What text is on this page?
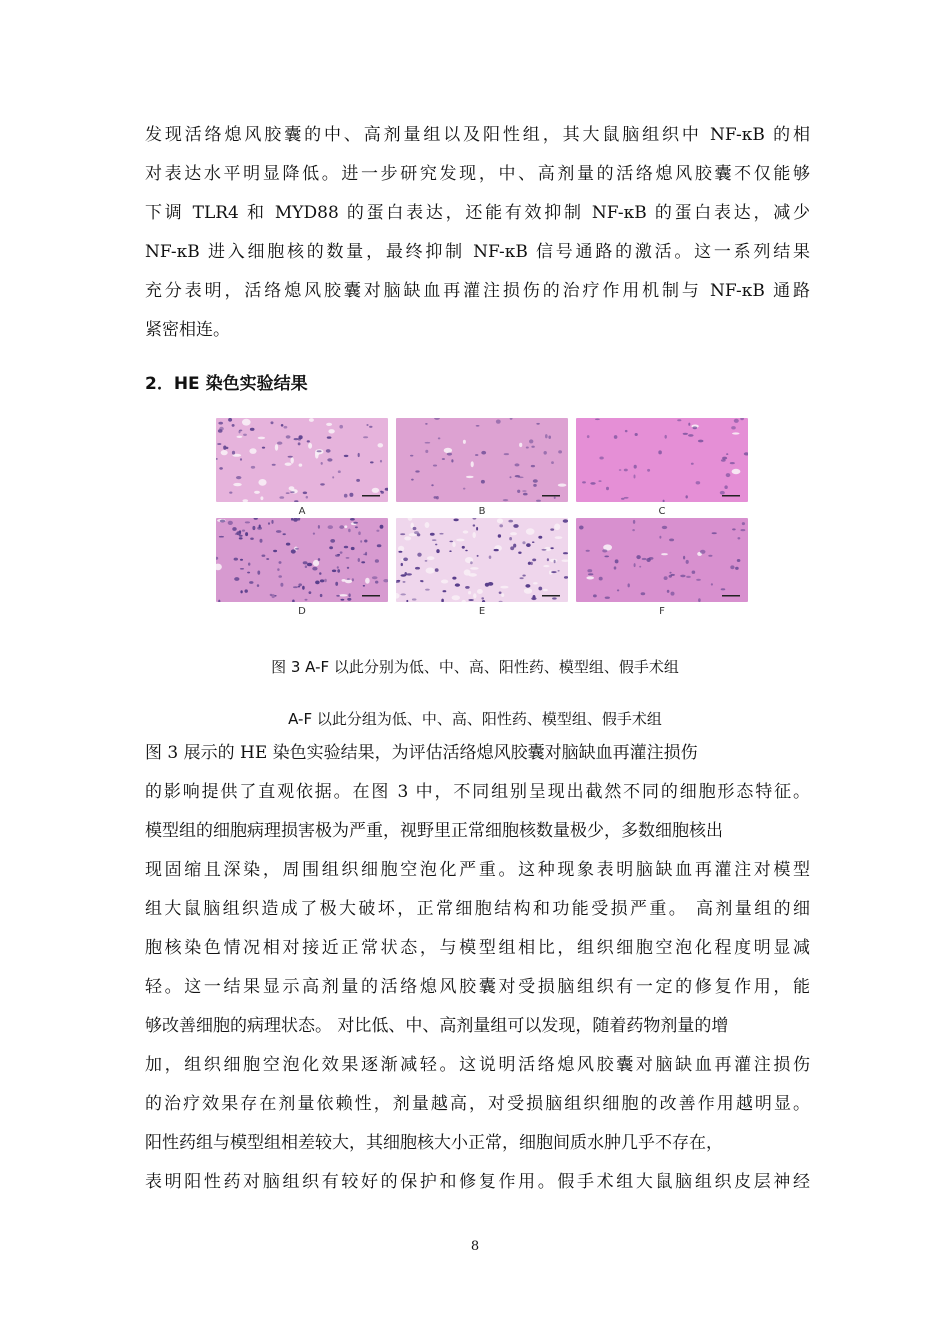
发现活络熄风胶囊的中、高剂量组以及阳性组，其大鼠脑组织中 NF-κB 的相
对表达水平明显降低。进一步研究发现，中、高剂量的活络熄风胶囊不仅能够
下调 TLR4 和 MYD88 的蛋白表达，还能有效抑制 NF-κB 的蛋白表达，减少
NF-κB 进入细胞核的数量，最终抑制 NF-κB 信号通路的激活。这一系列结果
充分表明，活络熄风胶囊对脑缺血再灌注损伤的治疗作用机制与 NF-κB 通路
紧密相连。
2．HE 染色实验结果
A	B	C
D	E	F
图 3 A-F 以此分别为低、中、高、阳性药、模型组、假手术组
A-F 以此分组为低、中、高、阳性药、模型组、假手术组
图 3 展示的 HE 染色实验结果，为评估活络熄风胶囊对脑缺血再灌注损伤
的影响提供了直观依据。在图 3 中，不同组别呈现出截然不同的细胞形态特征。
模型组的细胞病理损害极为严重，视野里正常细胞核数量极少，多数细胞核出
现固缩且深染，周围组织细胞空泡化严重。这种现象表明脑缺血再灌注对模型
组大鼠脑组织造成了极大破坏，正常细胞结构和功能受损严重。 高剂量组的细
胞核染色情况相对接近正常状态，与模型组相比，组织细胞空泡化程度明显减
轻。这一结果显示高剂量的活络熄风胶囊对受损脑组织有一定的修复作用，能
够改善细胞的病理状态。 对比低、中、高剂量组可以发现，随着药物剂量的增
加，组织细胞空泡化效果逐渐减轻。这说明活络熄风胶囊对脑缺血再灌注损伤
的治疗效果存在剂量依赖性，剂量越高，对受损脑组织细胞的改善作用越明显。
阳性药组与模型组相差较大，其细胞核大小正常，细胞间质水肿几乎不存在，
表明阳性药对脑组织有较好的保护和修复作用。假手术组大鼠脑组织皮层神经
8
